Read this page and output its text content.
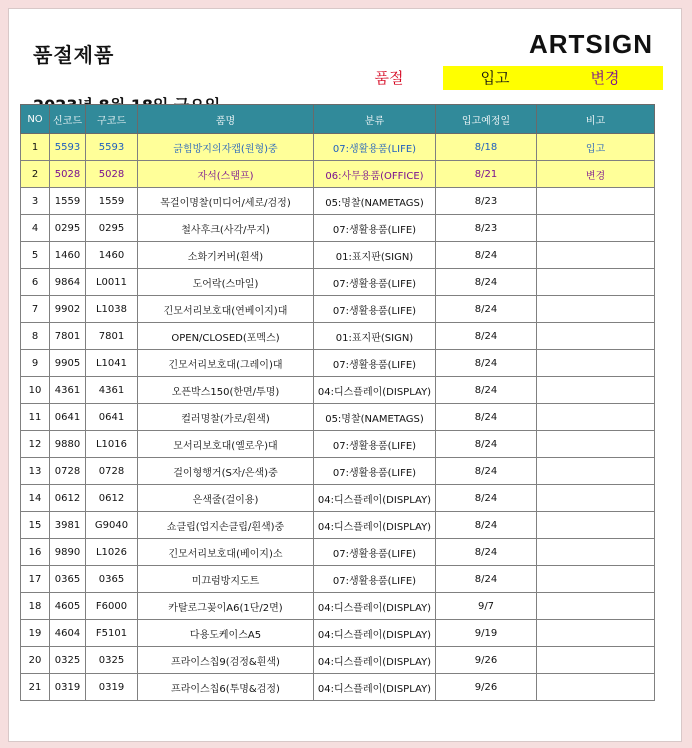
품절제품	ARTSIGN
품절	입고	변경
NO	신코드	구코드	품명	분류	입고예정일	비고
1	5593	5593	긁힘방지의자캡(원형)중	07:생활용품(LIFE)	8/18	입고
2	5028	5028	자석(스탬프)	06:사무용품(OFFICE)	8/21	변경
3	1559	1559	목걸이명찰(미디어/세로/검정)	05:명찰(NAMETAGS)	8/23	
4	0295	0295	철사후크(사각/무지)	07:생활용품(LIFE)	8/23	
5	1460	1460	소화기커버(흰색)	01:표지판(SIGN)	8/24	
6	9864	L0011	도어락(스마일)	07:생활용품(LIFE)	8/24	
7	9902	L1038	긴모서리보호대(연베이지)대	07:생활용품(LIFE)	8/24	
8	7801	7801	OPEN/CLOSED(포멕스)	01:표지판(SIGN)	8/24	
9	9905	L1041	긴모서리보호대(그레이)대	07:생활용품(LIFE)	8/24	
10	4361	4361	오픈박스150(한면/투명)	04:디스플레이(DISPLAY)	8/24	
11	0641	0641	컬러명찰(가로/흰색)	05:명찰(NAMETAGS)	8/24	
12	9880	L1016	모서리보호대(옐로우)대	07:생활용품(LIFE)	8/24	
13	0728	0728	걸이형행거(S자/은색)중	07:생활용품(LIFE)	8/24	
14	0612	0612	은색줄(걸이용)	04:디스플레이(DISPLAY)	8/24	
15	3981	G9040	쇼클립(업지손클립/흰색)중	04:디스플레이(DISPLAY)	8/24	
16	9890	L1026	긴모서리보호대(베이지)소	07:생활용품(LIFE)	8/24	
17	0365	0365	미끄럼방지도트	07:생활용품(LIFE)	8/24	
18	4605	F6000	카탈로그꽂이A6(1단/2면)	04:디스플레이(DISPLAY)	9/7	
19	4604	F5101	다용도케이스A5	04:디스플레이(DISPLAY)	9/19	
20	0325	0325	프라이스칩9(검정&흰색)	04:디스플레이(DISPLAY)	9/26	
21	0319	0319	프라이스칩6(투명&검정)	04:디스플레이(DISPLAY)	9/26	
